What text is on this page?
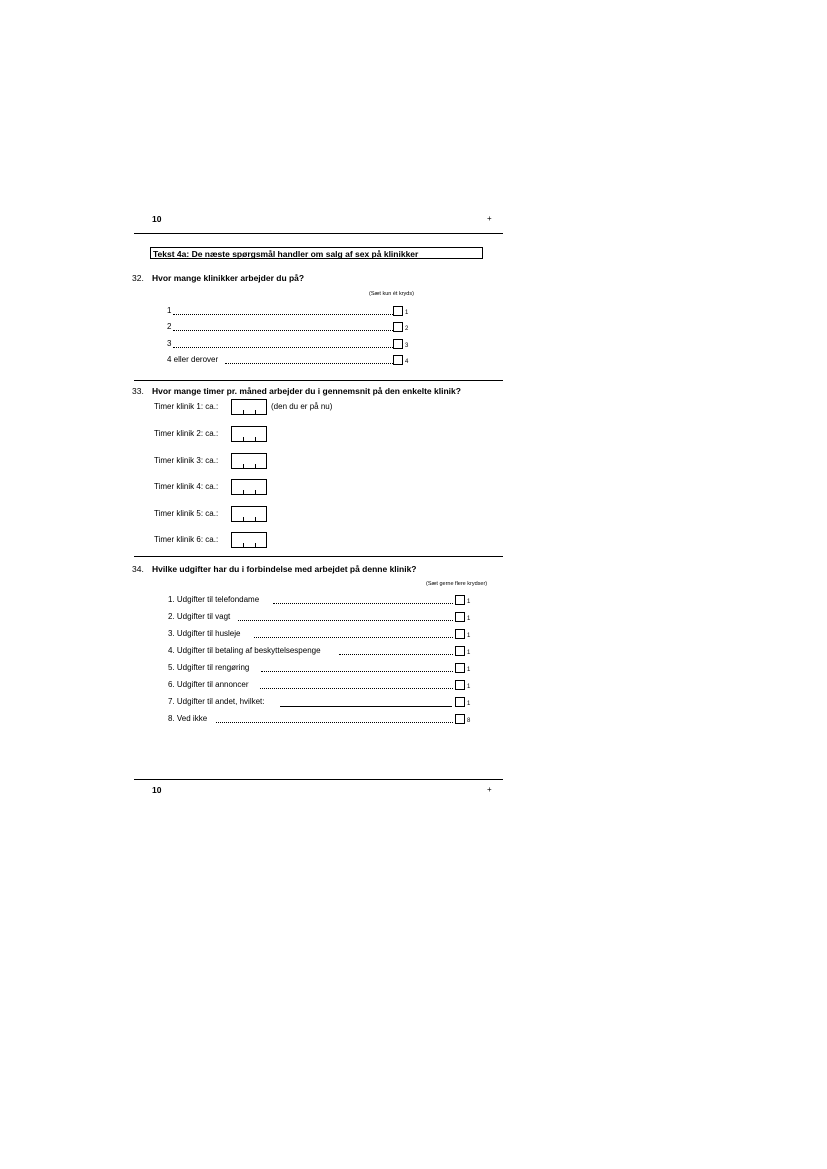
10	+
Tekst 4a: De næste spørgsmål handler om salg af sex på klinikker
32. Hvor mange klinikker arbejder du på?
(Sæt kun ét kryds)
1	1
2	2
3	3
4 eller derover	4
33. Hvor mange timer pr. måned arbejder du i gennemsnit på den enkelte klinik?
Timer klinik 1: ca.:	(den du er på nu)
Timer klinik 2: ca.:
Timer klinik 3: ca.:
Timer klinik 4: ca.:
Timer klinik 5: ca.:
Timer klinik 6: ca.:
34. Hvilke udgifter har du i forbindelse med arbejdet på denne klinik?
(Sæt gerne flere krydser)
1. Udgifter til telefondame	1
2. Udgifter til vagt	1
3. Udgifter til husleje	1
4. Udgifter til betaling af beskyttelsespenge	1
5. Udgifter til rengøring	1
6. Udgifter til annoncer	1
7. Udgifter til andet, hvilket:	1
8. Ved ikke	8
10	+
